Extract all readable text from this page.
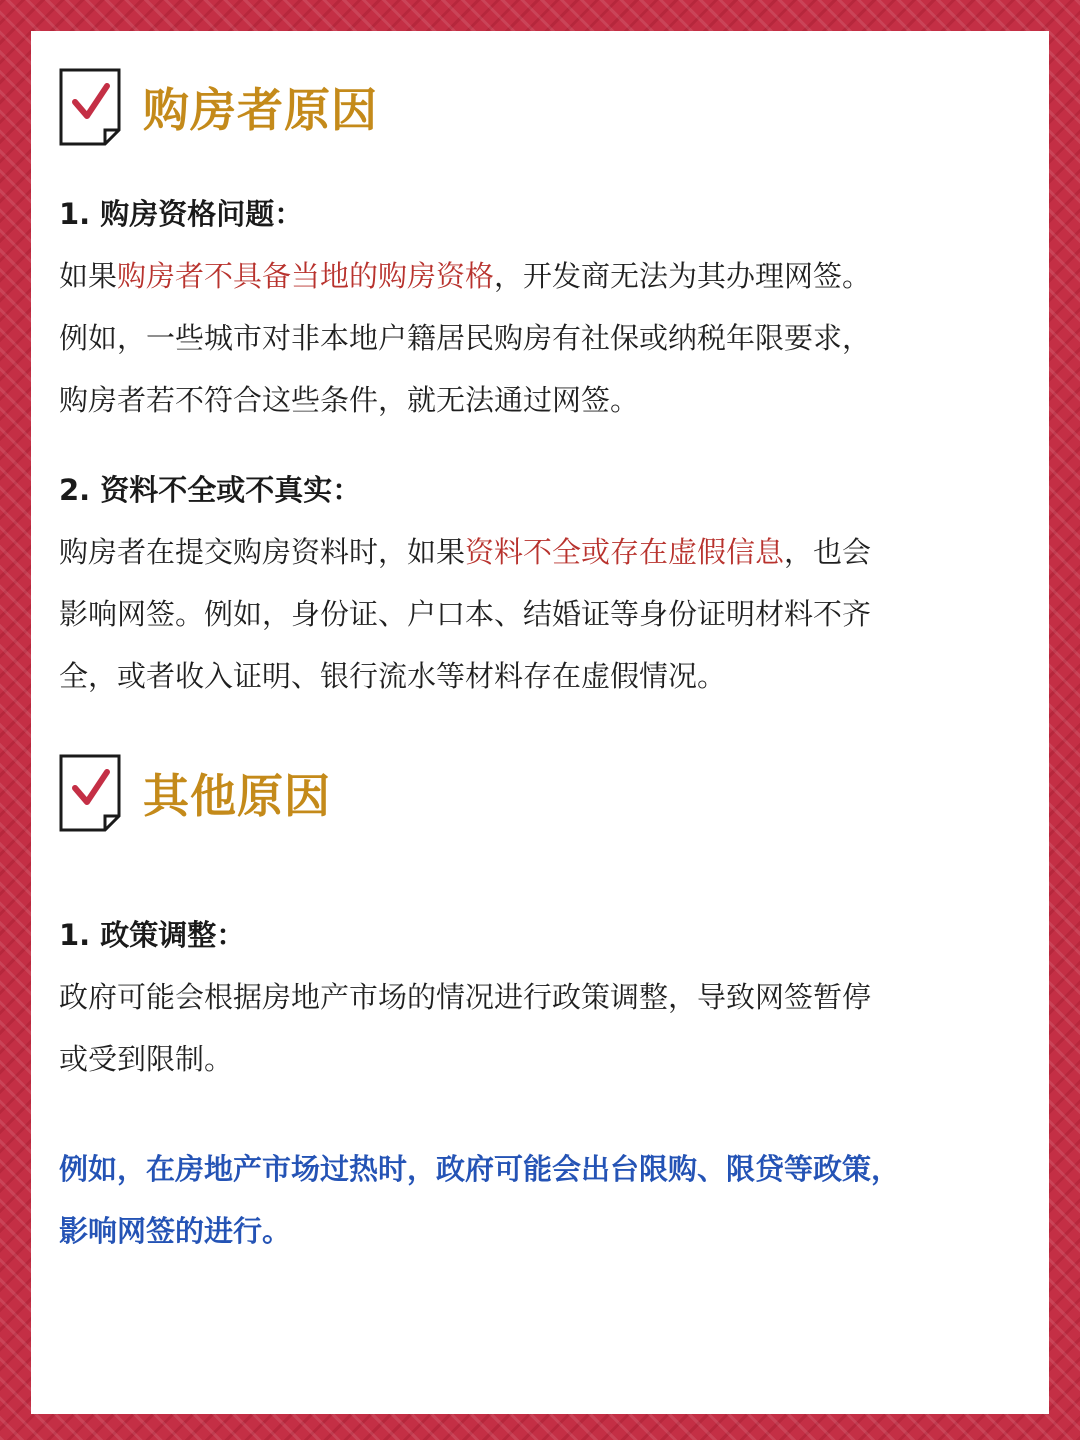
购房者原因
1. 购房资格问题：

如果购房者不具备当地的购房资格，开发商无法为其办理网签。

例如，一些城市对非本地户籍居民购房有社保或纳税年限要求，

购房者若不符合这些条件，就无法通过网签。

2. 资料不全或不真实：

购房者在提交购房资料时，如果资料不全或存在虚假信息，也会

影响网签。例如，身份证、户口本、结婚证等身份证明材料不齐

全，或者收入证明、银行流水等材料存在虚假情况。

其他原因
1. 政策调整：

政府可能会根据房地产市场的情况进行政策调整，导致网签暂停

或受到限制。

例如，在房地产市场过热时，政府可能会出台限购、限贷等政策，

影响网签的进行。
